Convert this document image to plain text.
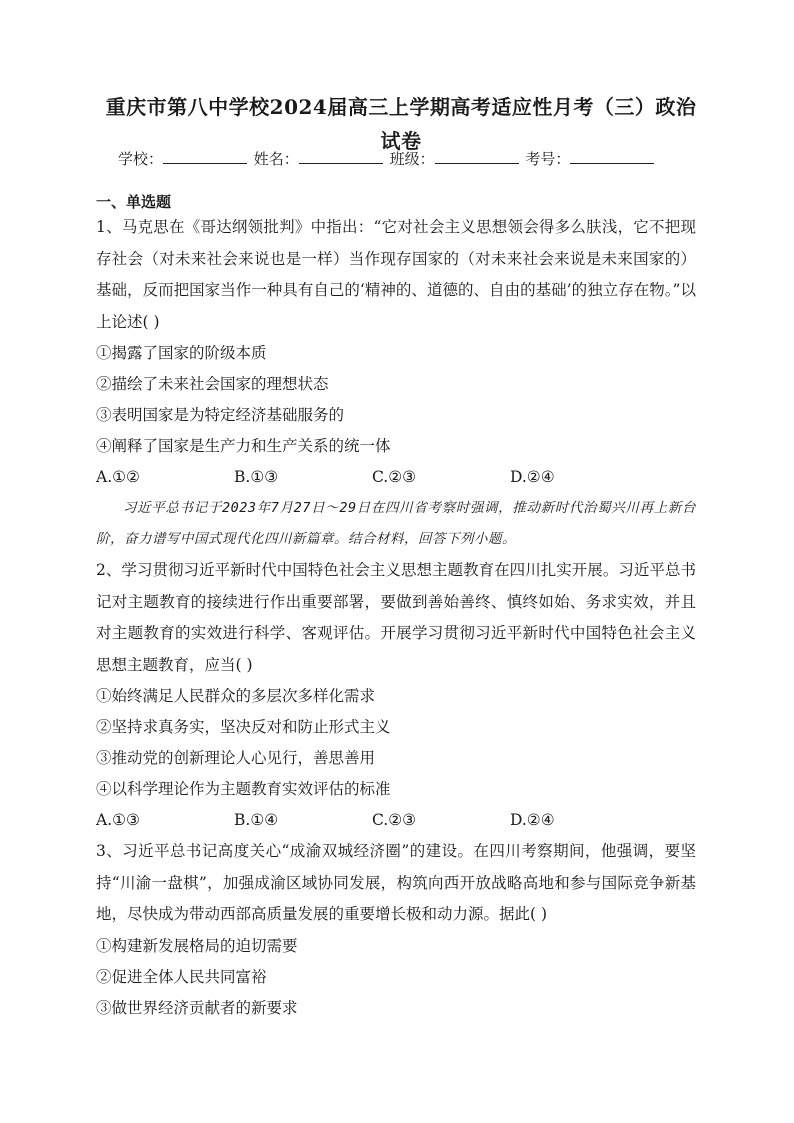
重庆市第八中学校2024届高三上学期高考适应性月考（三）政治试卷
学校：	姓名：	班级：	考号：
一、单选题

1、马克思在《哥达纲领批判》中指出：“它对社会主义思想领会得多么肤浅，它不把现存社会（对未来社会来说也是一样）当作现存国家的（对未来社会来说是未来国家的）基础，反而把国家当作一种具有自己的‘精神的、道德的、自由的基础’的独立存在物。”以上论述( )

①揭露了国家的阶级本质

②描绘了未来社会国家的理想状态

③表明国家是为特定经济基础服务的

④阐释了国家是生产力和生产关系的统一体

A.①②	B.①③	C.②③	D.②④

习近平总书记于2023年7月27日～29日在四川省考察时强调，推动新时代治蜀兴川再上新台阶，奋力谱写中国式现代化四川新篇章。结合材料，回答下列小题。

2、学习贯彻习近平新时代中国特色社会主义思想主题教育在四川扎实开展。习近平总书记对主题教育的接续进行作出重要部署，要做到善始善终、慎终如始、务求实效，并且对主题教育的实效进行科学、客观评估。开展学习贯彻习近平新时代中国特色社会主义思想主题教育，应当( )

①始终满足人民群众的多层次多样化需求

②坚持求真务实，坚决反对和防止形式主义

③推动党的创新理论人心见行，善思善用

④以科学理论作为主题教育实效评估的标准

A.①③	B.①④	C.②③	D.②④

3、习近平总书记高度关心“成渝双城经济圈”的建设。在四川考察期间，他强调，要坚持“川渝一盘棋”，加强成渝区域协同发展，构筑向西开放战略高地和参与国际竞争新基地，尽快成为带动西部高质量发展的重要增长极和动力源。据此( )

①构建新发展格局的迫切需要

②促进全体人民共同富裕

③做世界经济贡献者的新要求
